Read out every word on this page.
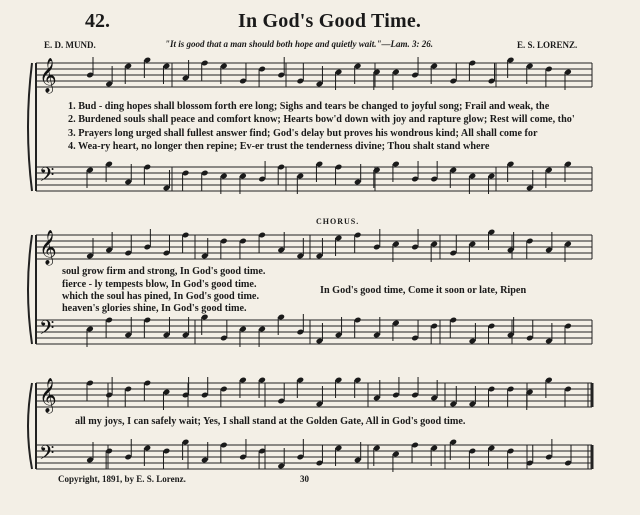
42.	In God's Good Time.
E. D. MUND.	"It is good that a man should both hope and quietly wait."—Lam. 3: 26.	E. S. LORENZ.
𝄞
𝄢
𝄞
𝄢
𝄞
𝄢
1. Bud - ding hopes shall blossom forth ere long; Sighs and tears be changed to joyful song; Frail and weak, the
2. Burdened souls shall peace and comfort know; Hearts bow'd down with joy and rapture glow; Rest will come, tho'
3. Prayers long urged shall fullest answer find; God's delay but proves his wondrous kind; All shall come for
4. Wea-ry heart, no longer then repine; Ev-er trust the tenderness divine; Thou shalt stand where
soul grow firm and strong, In God's good time.
fierce - ly tempests blow, In God's good time.
which the soul has pined, In God's good time.
heaven's glories shine, In God's good time.
CHORUS.
In God's good time, Come it soon or late, Ripen
all my joys, I can safely wait; Yes, I shall stand at the Golden Gate, All in God's good time.
Copyright, 1891, by E. S. Lorenz.	30
